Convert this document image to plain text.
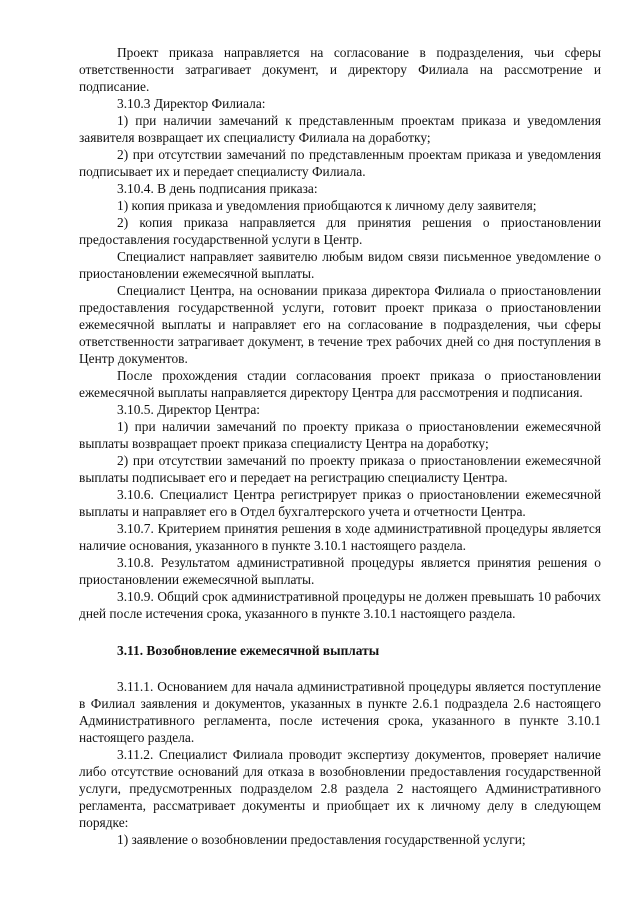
Проект приказа направляется на согласование в подразделения, чьи сферы ответственности затрагивает документ, и директору Филиала на рассмотрение и подписание.

3.10.3 Директор Филиала:

1) при наличии замечаний к представленным проектам приказа и уведомления заявителя возвращает их специалисту Филиала на доработку;

2) при отсутствии замечаний по представленным проектам приказа и уведомления подписывает их и передает специалисту Филиала.

3.10.4. В день подписания приказа:

1) копия приказа и уведомления приобщаются к личному делу заявителя;

2) копия приказа направляется для принятия решения о приостановлении предоставления государственной услуги в Центр.

Специалист направляет заявителю любым видом связи письменное уведомление о приостановлении ежемесячной выплаты.

Специалист Центра, на основании приказа директора Филиала о приостановлении предоставления государственной услуги, готовит проект приказа о приостановлении ежемесячной выплаты и направляет его на согласование в подразделения, чьи сферы ответственности затрагивает документ, в течение трех рабочих дней со дня поступления в Центр документов.

После прохождения стадии согласования проект приказа о приостановлении ежемесячной выплаты направляется директору Центра для рассмотрения и подписания.

3.10.5. Директор Центра:

1) при наличии замечаний по проекту приказа о приостановлении ежемесячной выплаты возвращает проект приказа специалисту Центра на доработку;

2) при отсутствии замечаний по проекту приказа о приостановлении ежемесячной выплаты подписывает его и передает на регистрацию специалисту Центра.

3.10.6. Специалист Центра регистрирует приказ о приостановлении ежемесячной выплаты и направляет его в Отдел бухгалтерского учета и отчетности Центра.

3.10.7. Критерием принятия решения в ходе административной процедуры является наличие основания, указанного в пункте 3.10.1 настоящего раздела.

3.10.8. Результатом административной процедуры является принятия решения о приостановлении ежемесячной выплаты.

3.10.9. Общий срок административной процедуры не должен превышать 10 рабочих дней после истечения срока, указанного в пункте 3.10.1 настоящего раздела.

3.11. Возобновление ежемесячной выплаты

3.11.1. Основанием для начала административной процедуры является поступление в Филиал заявления и документов, указанных в пункте 2.6.1 подраздела 2.6 настоящего Административного регламента, после истечения срока, указанного в пункте 3.10.1 настоящего раздела.

3.11.2. Специалист Филиала проводит экспертизу документов, проверяет наличие либо отсутствие оснований для отказа в возобновлении предоставления государственной услуги, предусмотренных подразделом 2.8 раздела 2 настоящего Административного регламента, рассматривает документы и приобщает их к личному делу в следующем порядке:

1) заявление о возобновлении предоставления государственной услуги;
